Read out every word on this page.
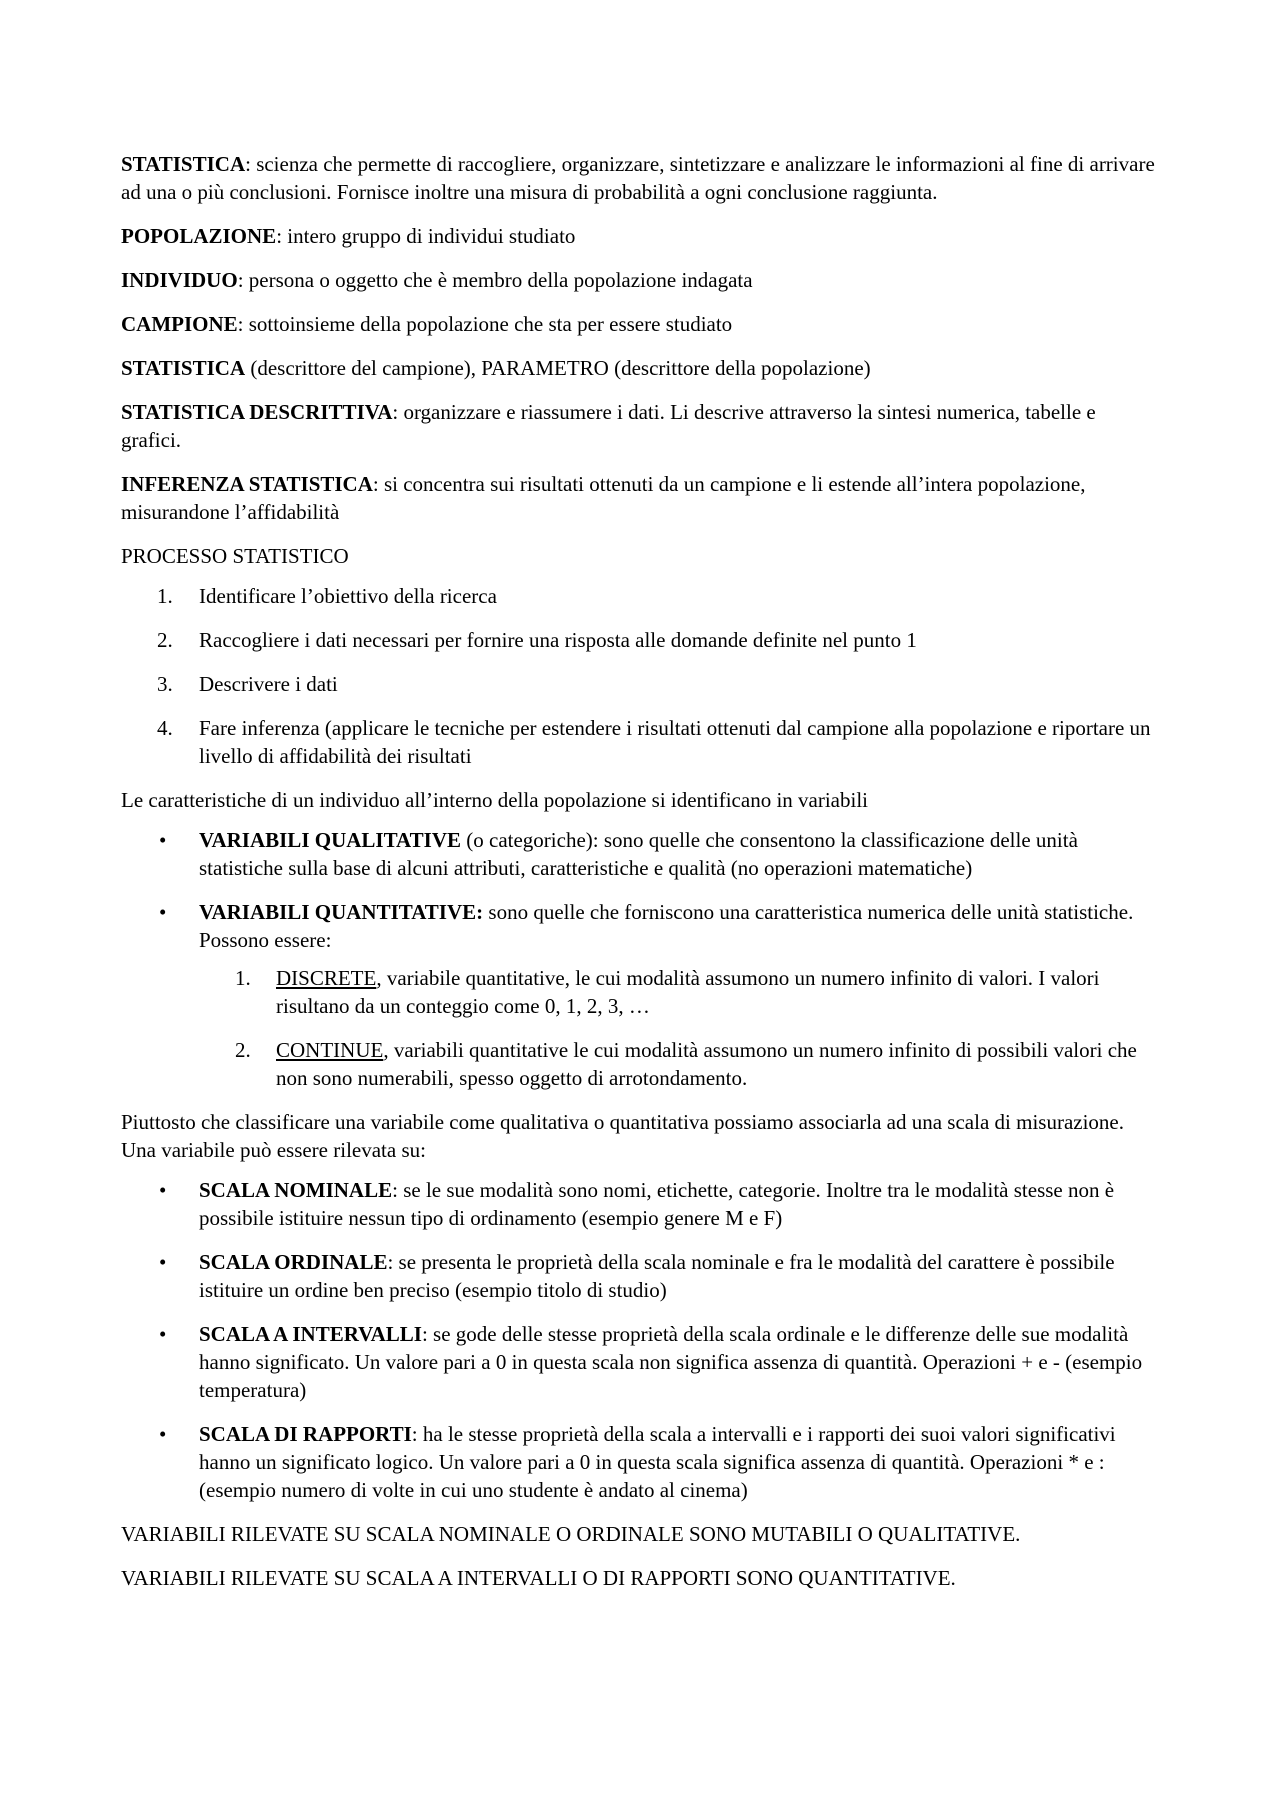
STATISTICA: scienza che permette di raccogliere, organizzare, sintetizzare e analizzare le informazioni al fine di arrivare ad una o più conclusioni. Fornisce inoltre una misura di probabilità a ogni conclusione raggiunta.

POPOLAZIONE: intero gruppo di individui studiato

INDIVIDUO: persona o oggetto che è membro della popolazione indagata

CAMPIONE: sottoinsieme della popolazione che sta per essere studiato

STATISTICA (descrittore del campione), PARAMETRO (descrittore della popolazione)

STATISTICA DESCRITTIVA: organizzare e riassumere i dati. Li descrive attraverso la sintesi numerica, tabelle e grafici.

INFERENZA STATISTICA: si concentra sui risultati ottenuti da un campione e li estende all’intera popolazione, misurandone l’affidabilità

PROCESSO STATISTICO

1.	Identificare l’obiettivo della ricerca
2.	Raccogliere i dati necessari per fornire una risposta alle domande definite nel punto 1
3.	Descrivere i dati
4.	Fare inferenza (applicare le tecniche per estendere i risultati ottenuti dal campione alla popolazione e riportare un livello di affidabilità dei risultati

Le caratteristiche di un individuo all’interno della popolazione si identificano in variabili

•	VARIABILI QUALITATIVE (o categoriche): sono quelle che consentono la classificazione delle unità statistiche sulla base di alcuni attributi, caratteristiche e qualità (no operazioni matematiche)
•	VARIABILI QUANTITATIVE: sono quelle che forniscono una caratteristica numerica delle unità statistiche. Possono essere:
1.	DISCRETE, variabile quantitative, le cui modalità assumono un numero infinito di valori. I valori risultano da un conteggio come 0, 1, 2, 3, …
2.	CONTINUE, variabili quantitative le cui modalità assumono un numero infinito di possibili valori che non sono numerabili, spesso oggetto di arrotondamento.

Piuttosto che classificare una variabile come qualitativa o quantitativa possiamo associarla ad una scala di misurazione. Una variabile può essere rilevata su:

•	SCALA NOMINALE: se le sue modalità sono nomi, etichette, categorie. Inoltre tra le modalità stesse non è possibile istituire nessun tipo di ordinamento (esempio genere M e F)
•	SCALA ORDINALE: se presenta le proprietà della scala nominale e fra le modalità del carattere è possibile istituire un ordine ben preciso (esempio titolo di studio)
•	SCALA A INTERVALLI: se gode delle stesse proprietà della scala ordinale e le differenze delle sue modalità hanno significato. Un valore pari a 0 in questa scala non significa assenza di quantità. Operazioni + e - (esempio temperatura)
•	SCALA DI RAPPORTI: ha le stesse proprietà della scala a intervalli e i rapporti dei suoi valori significativi hanno un significato logico. Un valore pari a 0 in questa scala significa assenza di quantità. Operazioni * e : (esempio numero di volte in cui uno studente è andato al cinema)

VARIABILI RILEVATE SU SCALA NOMINALE O ORDINALE SONO MUTABILI O QUALITATIVE.

VARIABILI RILEVATE SU SCALA A INTERVALLI O DI RAPPORTI SONO QUANTITATIVE.
